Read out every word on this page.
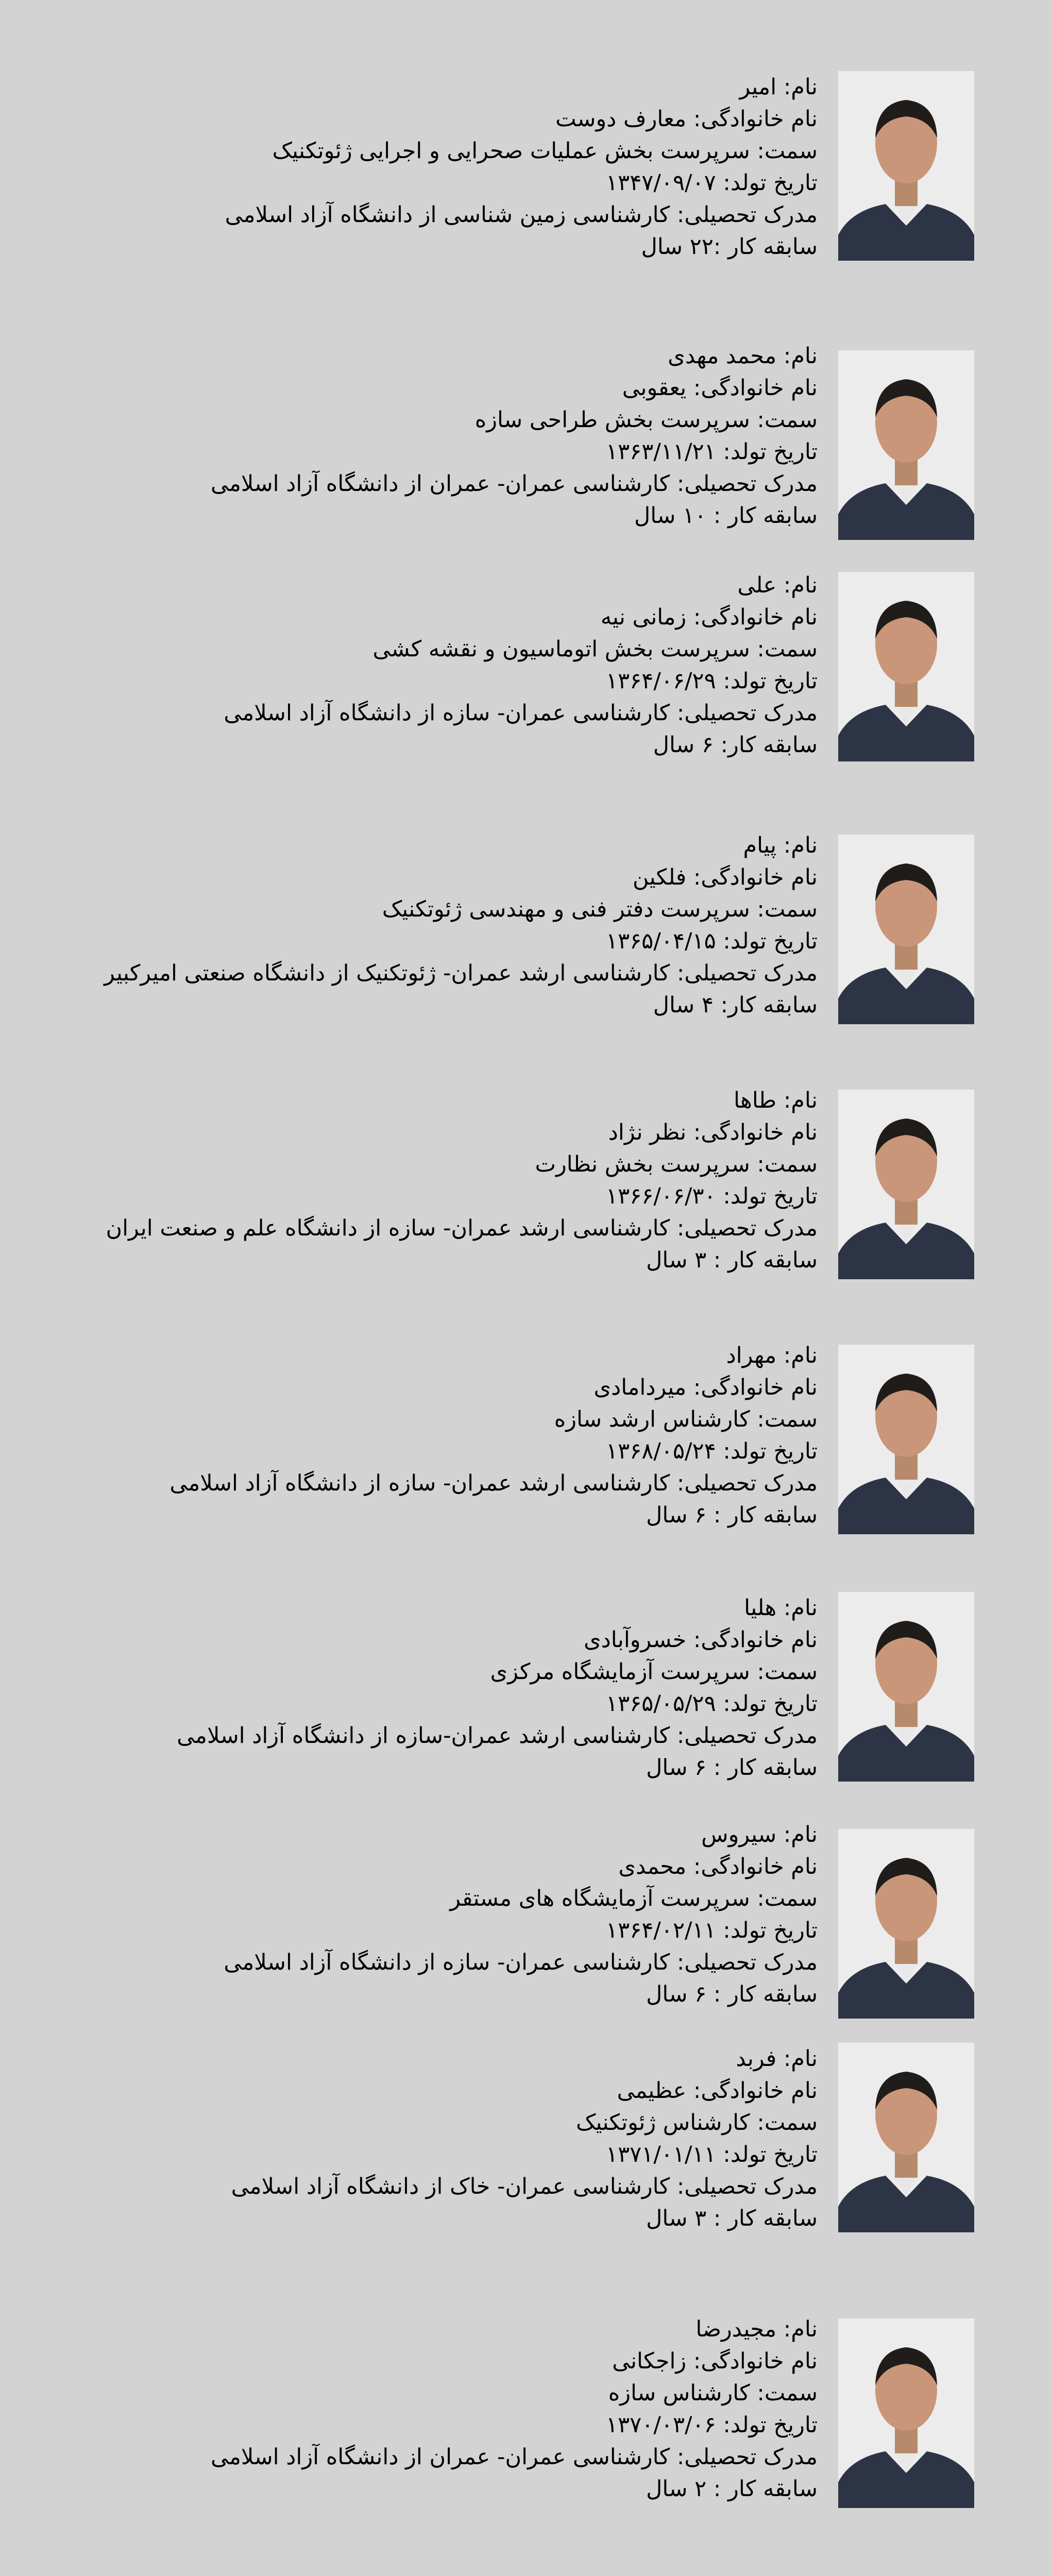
نام: امیر
نام خانوادگی: معارف دوست
سمت: سرپرست بخش عملیات صحرایی و اجرایی ژئوتکنیک
تاریخ تولد: ۱۳۴۷/۰۹/۰۷
مدرک تحصیلی: کارشناسی زمین شناسی از دانشگاه آزاد اسلامی
سابقه کار :۲۲ سال
نام: محمد مهدی
نام خانوادگی: یعقوبی
سمت: سرپرست بخش طراحی سازه
تاریخ تولد: ۱۳۶۳/۱۱/۲۱
مدرک تحصیلی: کارشناسی عمران- عمران از دانشگاه آزاد اسلامی
سابقه کار : ۱۰ سال
نام: علی
نام خانوادگی: زمانی نیه
سمت: سرپرست بخش اتوماسیون و نقشه کشی
تاریخ تولد: ۱۳۶۴/۰۶/۲۹
مدرک تحصیلی: کارشناسی عمران- سازه از دانشگاه آزاد اسلامی
سابقه کار: ۶ سال
نام: پیام
نام خانوادگی: فلکین
سمت: سرپرست دفتر فنی و مهندسی ژئوتکنیک
تاریخ تولد: ۱۳۶۵/۰۴/۱۵
مدرک تحصیلی: کارشناسی ارشد عمران- ژئوتکنیک از دانشگاه صنعتی امیرکبیر
سابقه کار: ۴ سال
نام: طاها
نام خانوادگی: نظر نژاد
سمت: سرپرست بخش نظارت
تاریخ تولد: ۱۳۶۶/۰۶/۳۰
مدرک تحصیلی: کارشناسی ارشد عمران- سازه از دانشگاه علم و صنعت ایران
سابقه کار : ۳ سال
نام: مهراد
نام خانوادگی: میردامادی
سمت: کارشناس ارشد سازه
تاریخ تولد: ۱۳۶۸/۰۵/۲۴
مدرک تحصیلی: کارشناسی ارشد عمران- سازه از دانشگاه آزاد اسلامی
سابقه کار : ۶ سال
نام: هلیا
نام خانوادگی: خسروآبادی
سمت: سرپرست آزمایشگاه مرکزی
تاریخ تولد: ۱۳۶۵/۰۵/۲۹
مدرک تحصیلی: کارشناسی ارشد عمران-سازه از دانشگاه آزاد اسلامی
سابقه کار : ۶ سال
نام: سیروس
نام خانوادگی: محمدی
سمت: سرپرست آزمایشگاه های مستقر
تاریخ تولد: ۱۳۶۴/۰۲/۱۱
مدرک تحصیلی: کارشناسی عمران- سازه از دانشگاه آزاد اسلامی
سابقه کار : ۶ سال
نام: فربد
نام خانوادگی: عظیمی
سمت: کارشناس ژئوتکنیک
تاریخ تولد: ۱۳۷۱/۰۱/۱۱
مدرک تحصیلی: کارشناسی عمران- خاک از دانشگاه آزاد اسلامی
سابقه کار : ۳ سال
نام: مجیدرضا
نام خانوادگی: زاجکانی
سمت: کارشناس سازه
تاریخ تولد: ۱۳۷۰/۰۳/۰۶
مدرک تحصیلی: کارشناسی عمران- عمران از دانشگاه آزاد اسلامی
سابقه کار : ۲ سال
